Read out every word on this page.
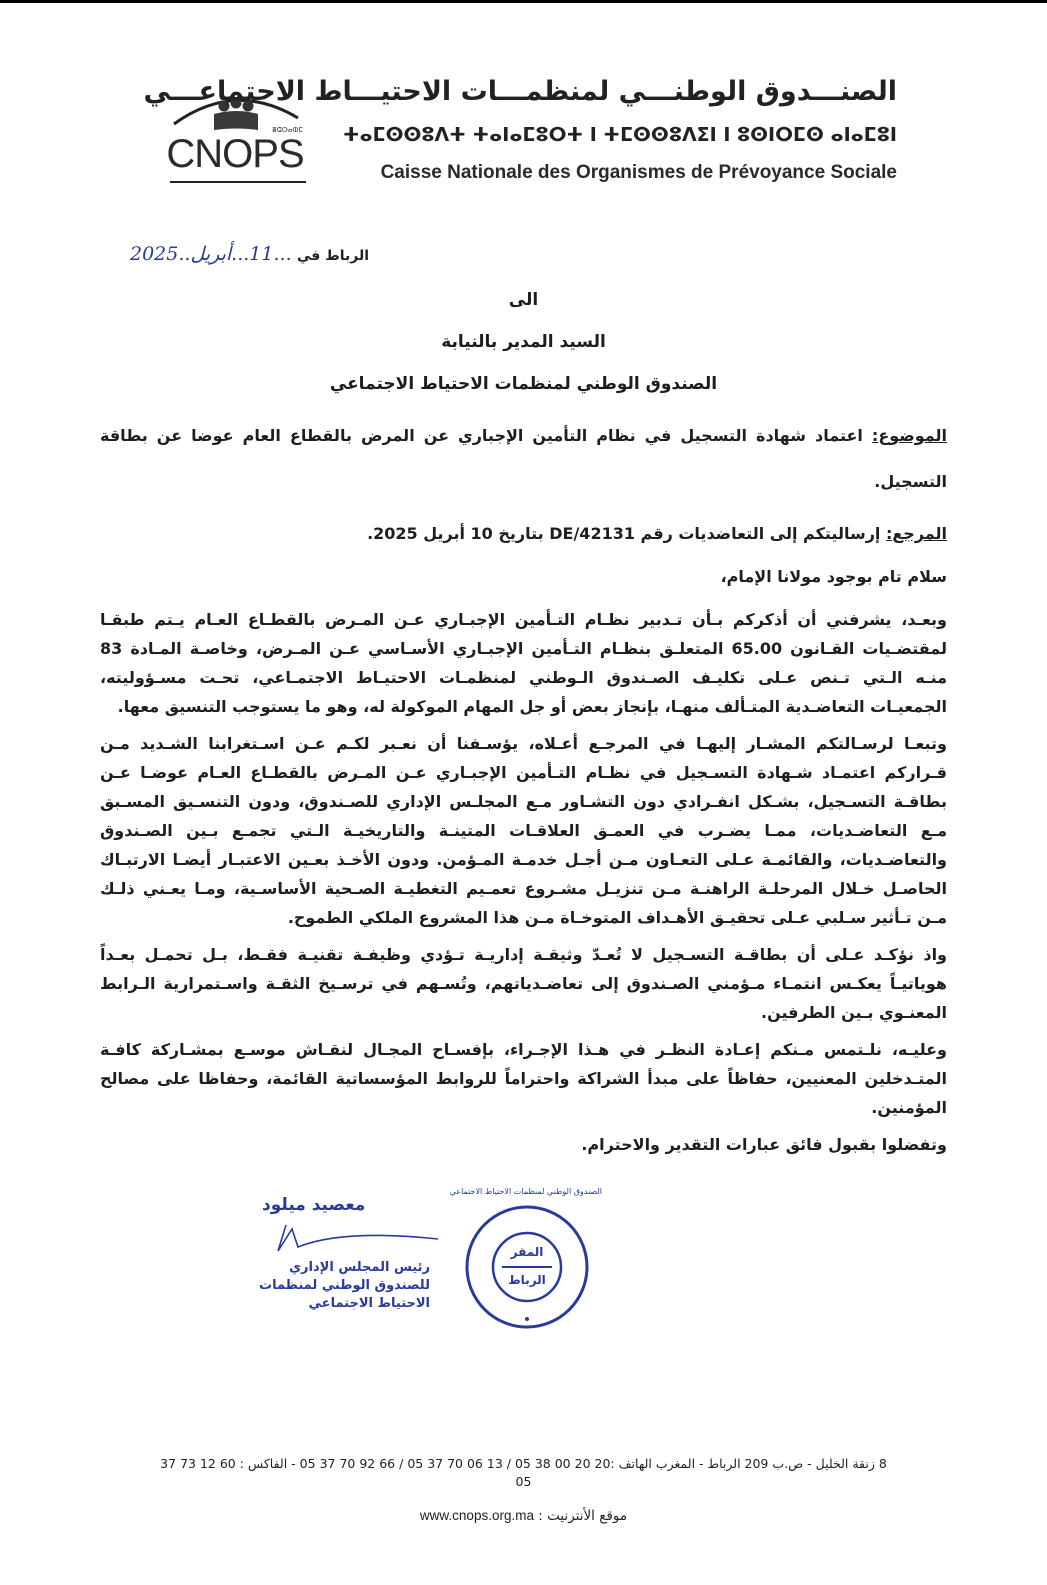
CNOPS
ⴻⵛⵔⴰⵀⵎ
الصنـــدوق الوطنـــي لمنظمـــات الاحتيـــاط الاجتماعـــي
ⵜⴰⵎⵙⵙⵓⴷⵜ ⵜⴰⵏⴰⵎⵓⵔⵜ ⵏ ⵜⵎⵙⵙⵓⴷⵉⵏ ⵏ ⵓⵙⵏⵔⵎⵙ ⴰⵏⴰⵎⵓⵏ
Caisse Nationale des Organismes de Prévoyance Sociale
الرباط في ...11...أبريل..2025
الى
السيد المدير بالنيابة
الصندوق الوطني لمنظمات الاحتياط الاجتماعي

الموضوع: اعتماد شهادة التسجيل في نظام التأمين الإجباري عن المرض بالقطاع العام عوضا عن بطاقة التسجيل.

المرجع: إرساليتكم إلى التعاضديات رقم DE/42131 بتاريخ 10 أبريل 2025.

سلام تام بوجود مولانا الإمام،

وبعـد، يشرفني أن أذكركم بـأن تـدبير نظـام التـأمين الإجبـاري عـن المـرض بالقطـاع العـام يـتم طبقـا لمقتضـيات القـانون 65.00 المتعلـق بنظـام التـأمين الإجبـاري الأسـاسي عـن المـرض، وخاصـة المـادة 83 منـه الـتي تـنص عـلى تكليـف الصـندوق الـوطني لمنظمـات الاحتيـاط الاجتمـاعي، تحـت مسـؤوليته، الجمعيـات التعاضـدية المتـألف منهـا، بإنجاز بعض أو جل المهام الموكولة له، وهو ما يستوجب التنسيق معها.

وتبعـا لرسـالتكم المشـار إليهـا في المرجـع أعـلاه، يؤسـفنا أن نعـبر لكـم عـن اسـتغرابنا الشـديد مـن قـراركم اعتمـاد شـهادة التسـجيل في نظـام التـأمين الإجبـاري عـن المـرض بالقطـاع العـام عوضـا عـن بطاقـة التسـجيل، بشـكل انفـرادي دون التشـاور مـع المجلـس الإداري للصـندوق، ودون التنسـيق المسـبق مـع التعاضـديات، ممـا يضـرب في العمـق العلاقـات المتينـة والتاريخيـة الـتي تجمـع بـين الصـندوق والتعاضـديات، والقائمـة عـلى التعـاون مـن أجـل خدمـة المـؤمن. ودون الأخـذ بعـين الاعتبـار أيضـا الارتبـاك الحاصـل خـلال المرحلـة الراهنـة مـن تنزيـل مشـروع تعمـيم التغطيـة الصـحية الأساسـية، ومـا يعـني ذلـك مـن تـأثير سـلبي عـلى تحقيـق الأهـداف المتوخـاة مـن هذا المشروع الملكي الطموح.

واذ نؤكـد عـلى أن بطاقـة التسـجيل لا تُعـدّ وثيقـة إداريـة تـؤدي وظيفـة تقنيـة فقـط، بـل تحمـل بعـداً هوياتيـاً يعكـس انتمـاء مـؤمني الصـندوق إلى تعاضـدياتهم، وتُسـهم في ترسـيخ الثقـة واسـتمرارية الـرابط المعنـوي بـين الطرفين.

وعليـه، نلـتمس مـنكم إعـادة النظـر في هـذا الإجـراء، بإفسـاح المجـال لنقـاش موسـع بمشـاركة كافـة المتـدخلين المعنيين، حفاظاً على مبدأ الشراكة واحتراماً للروابط المؤسساتية القائمة، وحفاظا على مصالح المؤمنين.

وتفضلوا بقبول فائق عبارات التقدير والاحترام.

معصيد ميلود
رئيس المجلس الإداري
للصندوق الوطني لمنظمات
الاحتياط الاجتماعي
الصندوق الوطني لمنظمات الاحتياط الاجتماعي
المقر
الرباط
8 زنقة الخليل - ص.ب 209 الرباط - المغرب الهاتف :20 20 00 38 05 / 13 06 70 37 05 / 66 92 70 37 05 - الفاكس : 60 12 73 37 05
موقع الأنترنيت : www.cnops.org.ma
